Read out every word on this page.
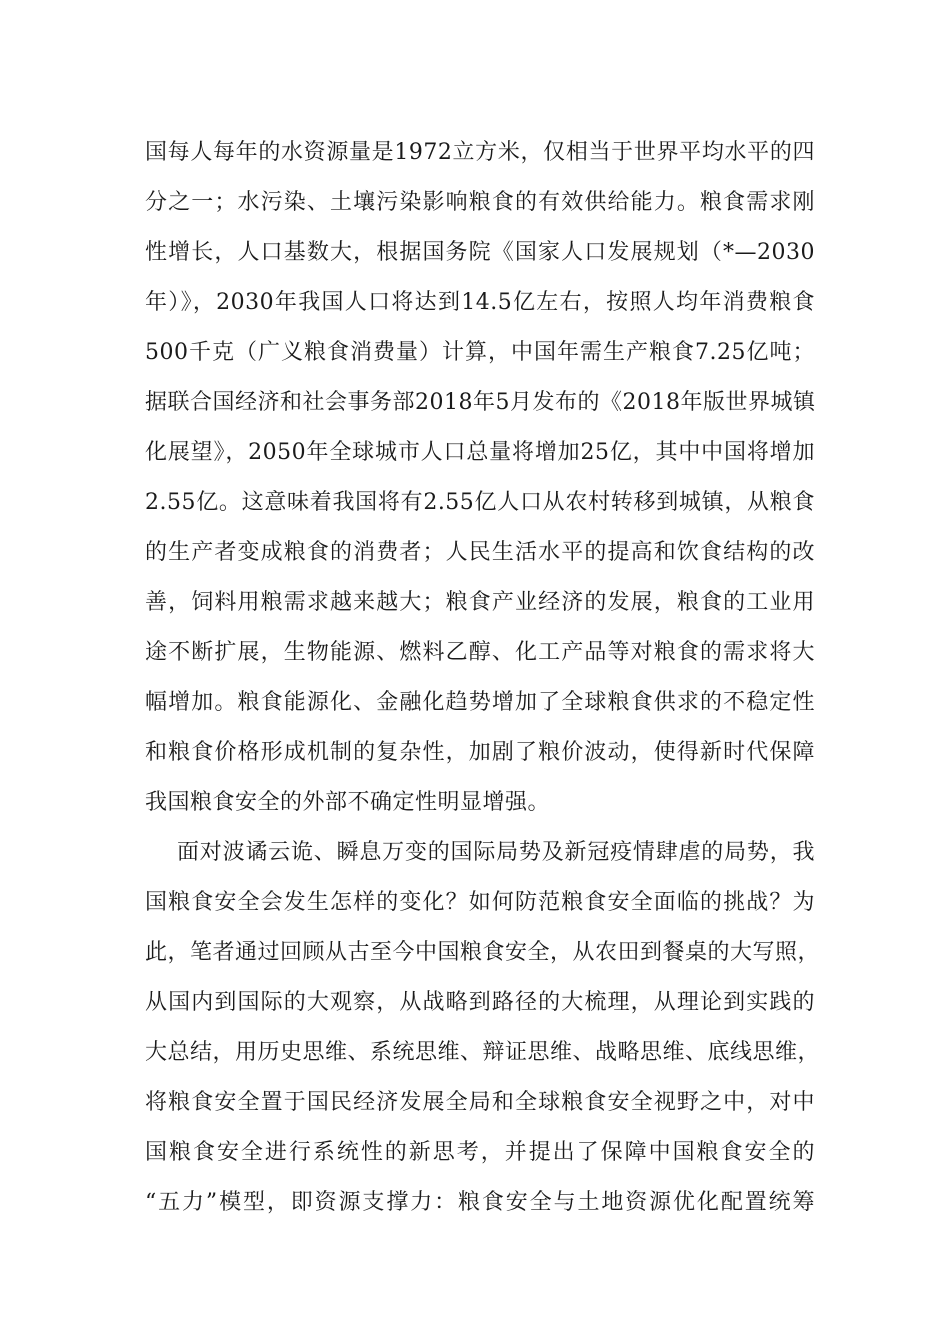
国每人每年的水资源量是1972立方米，仅相当于世界平均水平的四
分之一；水污染、土壤污染影响粮食的有效供给能力。粮食需求刚
性增长，人口基数大，根据国务院《国家人口发展规划（*—2030
年）》，2030年我国人口将达到14.5亿左右，按照人均年消费粮食
500千克（广义粮食消费量）计算，中国年需生产粮食7.25亿吨；
据联合国经济和社会事务部2018年5月发布的《2018年版世界城镇
化展望》，2050年全球城市人口总量将增加25亿，其中中国将增加
2.55亿。这意味着我国将有2.55亿人口从农村转移到城镇，从粮食
的生产者变成粮食的消费者；人民生活水平的提高和饮食结构的改
善，饲料用粮需求越来越大；粮食产业经济的发展，粮食的工业用
途不断扩展，生物能源、燃料乙醇、化工产品等对粮食的需求将大
幅增加。粮食能源化、金融化趋势增加了全球粮食供求的不稳定性
和粮食价格形成机制的复杂性，加剧了粮价波动，使得新时代保障
我国粮食安全的外部不确定性明显增强。
面对波谲云诡、瞬息万变的国际局势及新冠疫情肆虐的局势，我
国粮食安全会发生怎样的变化？如何防范粮食安全面临的挑战？为
此，笔者通过回顾从古至今中国粮食安全，从农田到餐桌的大写照，
从国内到国际的大观察，从战略到路径的大梳理，从理论到实践的
大总结，用历史思维、系统思维、辩证思维、战略思维、底线思维，
将粮食安全置于国民经济发展全局和全球粮食安全视野之中，对中
国粮食安全进行系统性的新思考，并提出了保障中国粮食安全的
“五力”模型，即资源支撑力：粮食安全与土地资源优化配置统筹
